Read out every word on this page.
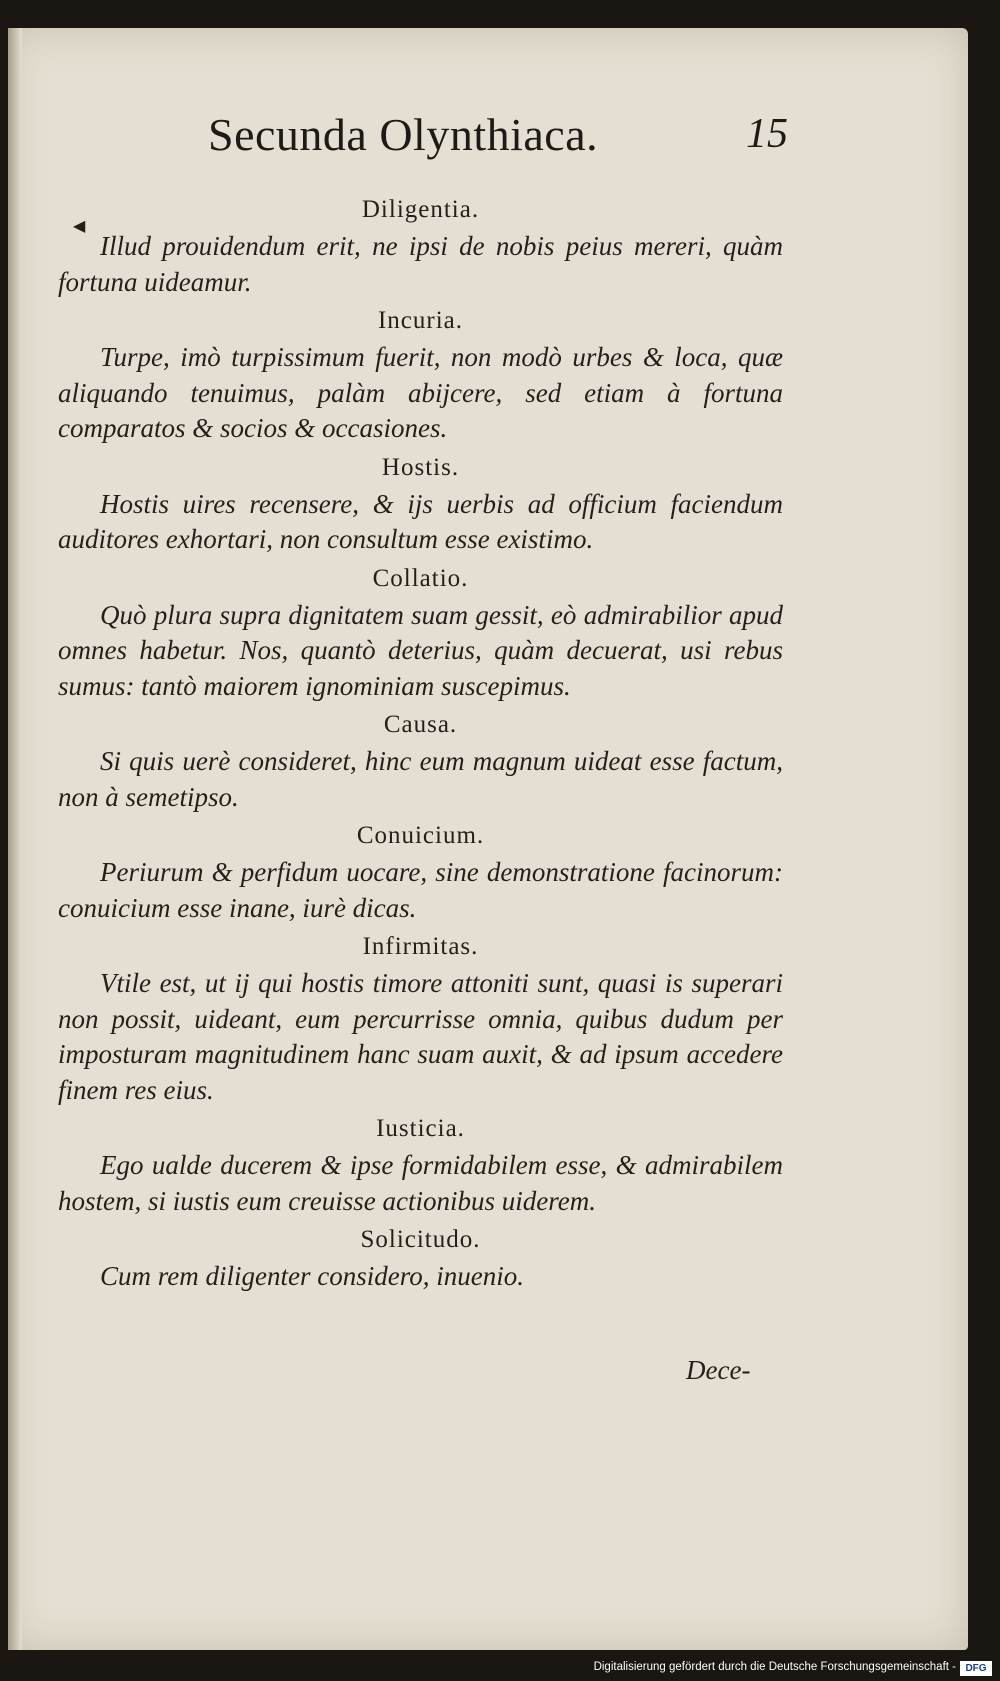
Secunda Olynthiaca.	15
◀

Diligentia.

Illud prouidendum erit, ne ipsi de nobis peius mereri, quàm fortuna uideamur.

Incuria.

Turpe, imò turpissimum fuerit, non modò urbes & loca, quæ aliquando tenuimus, palàm abijcere, sed etiam à fortuna comparatos & socios & occasiones.

Hostis.

Hostis uires recensere, & ijs uerbis ad officium faciendum auditores exhortari, non consultum esse existimo.

Collatio.

Quò plura supra dignitatem suam gessit, eò admirabilior apud omnes habetur. Nos, quantò deterius, quàm decuerat, usi rebus sumus: tantò maiorem ignominiam suscepimus.

Causa.

Si quis uerè consideret, hinc eum magnum uideat esse factum, non à semetipso.

Conuicium.

Periurum & perfidum uocare, sine demonstratione facinorum: conuicium esse inane, iurè dicas.

Infirmitas.

Vtile est, ut ij qui hostis timore attoniti sunt, quasi is superari non possit, uideant, eum percurrisse omnia, quibus dudum per imposturam magnitudinem hanc suam auxit, & ad ipsum accedere finem res eius.

Iusticia.

Ego ualde ducerem & ipse formidabilem esse, & admirabilem hostem, si iustis eum creuisse actionibus uiderem.

Solicitudo.

Cum rem diligenter considero, inuenio.

Dece-
Digitalisierung gefördert durch die Deutsche Forschungsgemeinschaft - DFG
